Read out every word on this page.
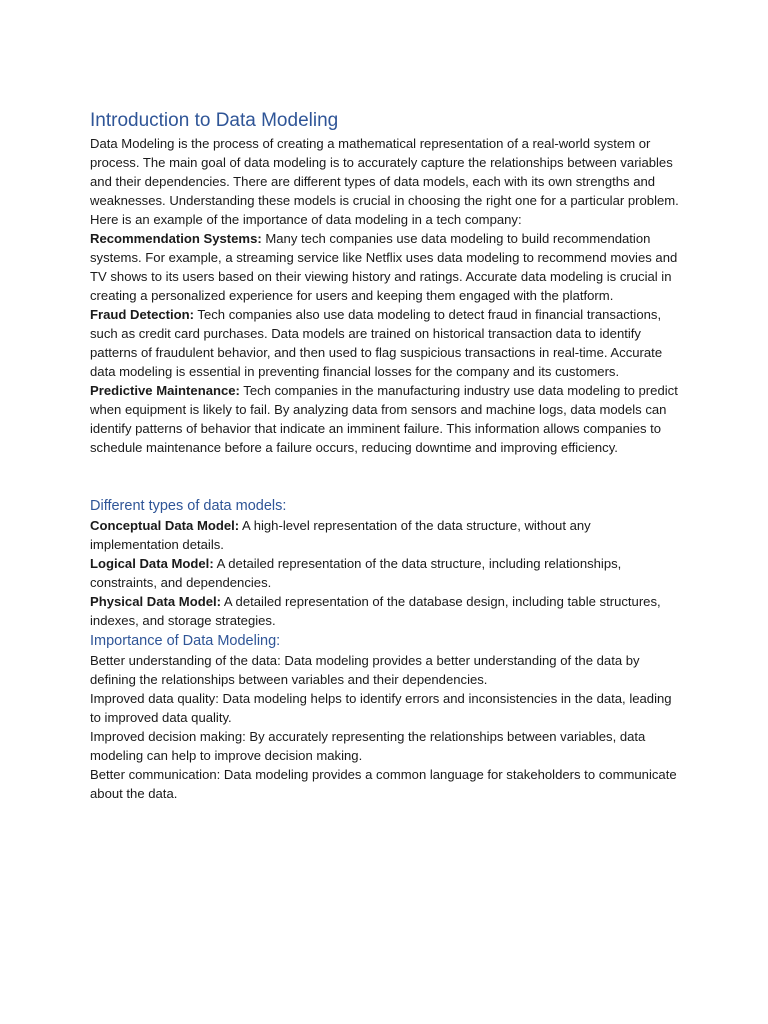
Introduction to Data Modeling

Data Modeling is the process of creating a mathematical representation of a real-world system or process. The main goal of data modeling is to accurately capture the relationships between variables and their dependencies. There are different types of data models, each with its own strengths and weaknesses. Understanding these models is crucial in choosing the right one for a particular problem.

Here is an example of the importance of data modeling in a tech company:

Recommendation Systems: Many tech companies use data modeling to build recommendation systems. For example, a streaming service like Netflix uses data modeling to recommend movies and TV shows to its users based on their viewing history and ratings. Accurate data modeling is crucial in creating a personalized experience for users and keeping them engaged with the platform.

Fraud Detection: Tech companies also use data modeling to detect fraud in financial transactions, such as credit card purchases. Data models are trained on historical transaction data to identify patterns of fraudulent behavior, and then used to flag suspicious transactions in real-time. Accurate data modeling is essential in preventing financial losses for the company and its customers.

Predictive Maintenance: Tech companies in the manufacturing industry use data modeling to predict when equipment is likely to fail. By analyzing data from sensors and machine logs, data models can identify patterns of behavior that indicate an imminent failure. This information allows companies to schedule maintenance before a failure occurs, reducing downtime and improving efficiency.

Different types of data models:

Conceptual Data Model: A high-level representation of the data structure, without any implementation details.

Logical Data Model: A detailed representation of the data structure, including relationships, constraints, and dependencies.

Physical Data Model: A detailed representation of the database design, including table structures, indexes, and storage strategies.

Importance of Data Modeling:

Better understanding of the data: Data modeling provides a better understanding of the data by defining the relationships between variables and their dependencies.

Improved data quality: Data modeling helps to identify errors and inconsistencies in the data, leading to improved data quality.

Improved decision making: By accurately representing the relationships between variables, data modeling can help to improve decision making.

Better communication: Data modeling provides a common language for stakeholders to communicate about the data.
